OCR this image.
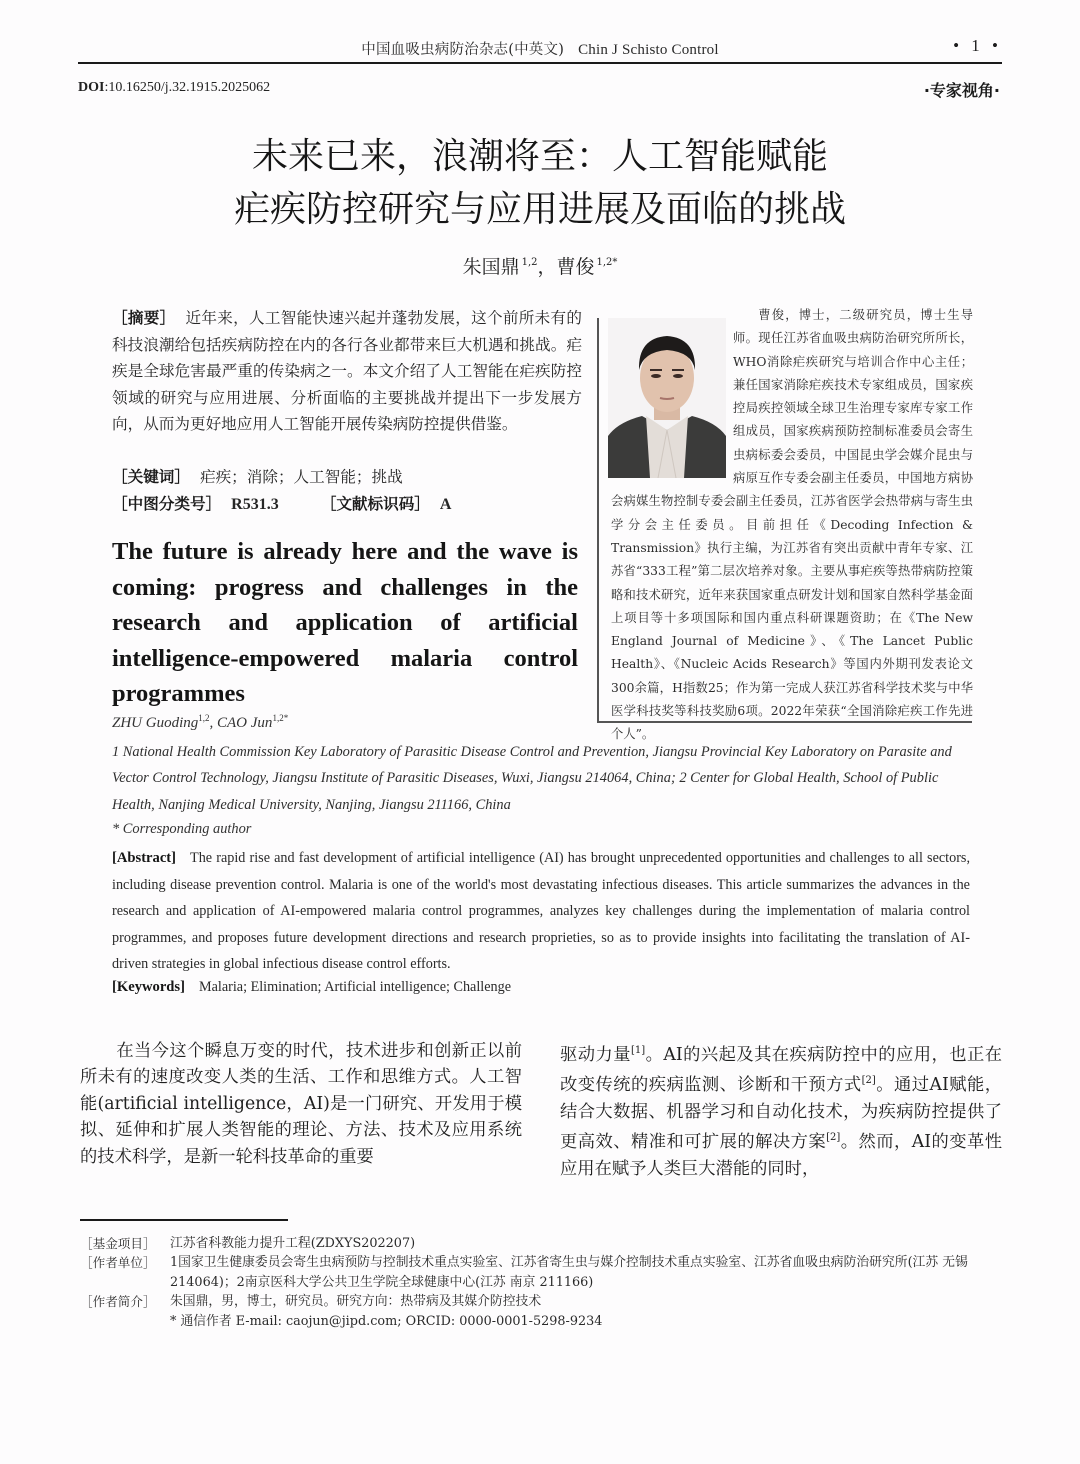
中国血吸虫病防治杂志(中英文) Chin J Schisto Control	• 1 •
DOI:10.16250/j.32.1915.2025062	·专家视角·
未来已来，浪潮将至：人工智能赋能
疟疾防控研究与应用进展及面临的挑战
朱国鼎 $^{1,2}$，曹俊 $^{1,2*}$
［摘要］ 近年来，人工智能快速兴起并蓬勃发展，这个前所未有的科技浪潮给包括疾病防控在内的各行各业都带来巨大机遇和挑战。疟疾是全球危害最严重的传染病之一。本文介绍了人工智能在疟疾防控领域的研究与应用进展、分析面临的主要挑战并提出下一步发展方向，从而为更好地应用人工智能开展传染病防控提供借鉴。
［关键词］ 疟疾；消除；人工智能；挑战
［中图分类号］ R531.3	［文献标识码］ A
曹俊，博士，二级研究员，博士生导师。现任江苏省血吸虫病防治研究所所长，WHO消除疟疾研究与培训合作中心主任；兼任国家消除疟疾技术专家组成员，国家疾控局疾控领域全球卫生治理专家库专家工作组成员，国家疾病预防控制标准委员会寄生虫病标委会委员，中国昆虫学会媒介昆虫与病原互作专委会副主任委员，中国地方病协会病媒生物控制专委会副主任委员，江苏省医学会热带病与寄生虫学分会主任委员。目前担任《Decoding Infection & Transmission》执行主编，为江苏省有突出贡献中青年专家、江苏省“333工程”第二层次培养对象。主要从事疟疾等热带病防控策略和技术研究，近年来获国家重点研发计划和国家自然科学基金面上项目等十多项国际和国内重点科研课题资助；在《The New England Journal of Medicine》、《The Lancet Public Health》、《Nucleic Acids Research》等国内外期刊发表论文300余篇，H指数25；作为第一完成人获江苏省科学技术奖与中华医学科技奖等科技奖励6项。2022年荣获“全国消除疟疾工作先进个人”。
The future is already here and the wave is coming: progress and challenges in the research and application of artificial intelligence-empowered malaria control programmes
ZHU Guoding$^{1,2}$, CAO Jun$^{1,2*}$
1 National Health Commission Key Laboratory of Parasitic Disease Control and Prevention, Jiangsu Provincial Key Laboratory on Parasite and Vector Control Technology, Jiangsu Institute of Parasitic Diseases, Wuxi, Jiangsu 214064, China; 2 Center for Global Health, School of Public Health, Nanjing Medical University, Nanjing, Jiangsu 211166, China
* Corresponding author
[Abstract] The rapid rise and fast development of artificial intelligence (AI) has brought unprecedented opportunities and challenges to all sectors, including disease prevention control. Malaria is one of the world's most devastating infectious diseases. This article summarizes the advances in the research and application of AI-empowered malaria control programmes, analyzes key challenges during the implementation of malaria control programmes, and proposes future development directions and research proprieties, so as to provide insights into facilitating the translation of AI-driven strategies in global infectious disease control efforts.
[Keywords] Malaria; Elimination; Artificial intelligence; Challenge
在当今这个瞬息万变的时代，技术进步和创新正以前所未有的速度改变人类的生活、工作和思维方式。人工智能(artificial intelligence，AI)是一门研究、开发用于模拟、延伸和扩展人类智能的理论、方法、技术及应用系统的技术科学，是新一轮科技革命的重要
驱动力量[1]。AI的兴起及其在疾病防控中的应用，也正在改变传统的疾病监测、诊断和干预方式[2]。通过AI赋能，结合大数据、机器学习和自动化技术，为疾病防控提供了更高效、精准和可扩展的解决方案[2]。然而，AI的变革性应用在赋予人类巨大潜能的同时，
［基金项目］	江苏省科教能力提升工程(ZDXYS202207)
［作者单位］	1国家卫生健康委员会寄生虫病预防与控制技术重点实验室、江苏省寄生虫与媒介控制技术重点实验室、江苏省血吸虫病防治研究所(江苏 无锡214064)；2南京医科大学公共卫生学院全球健康中心(江苏 南京 211166)
［作者简介］	朱国鼎，男，博士，研究员。研究方向：热带病及其媒介防控技术
* 通信作者 E-mail: caojun@jipd.com; ORCID: 0000-0001-5298-9234
